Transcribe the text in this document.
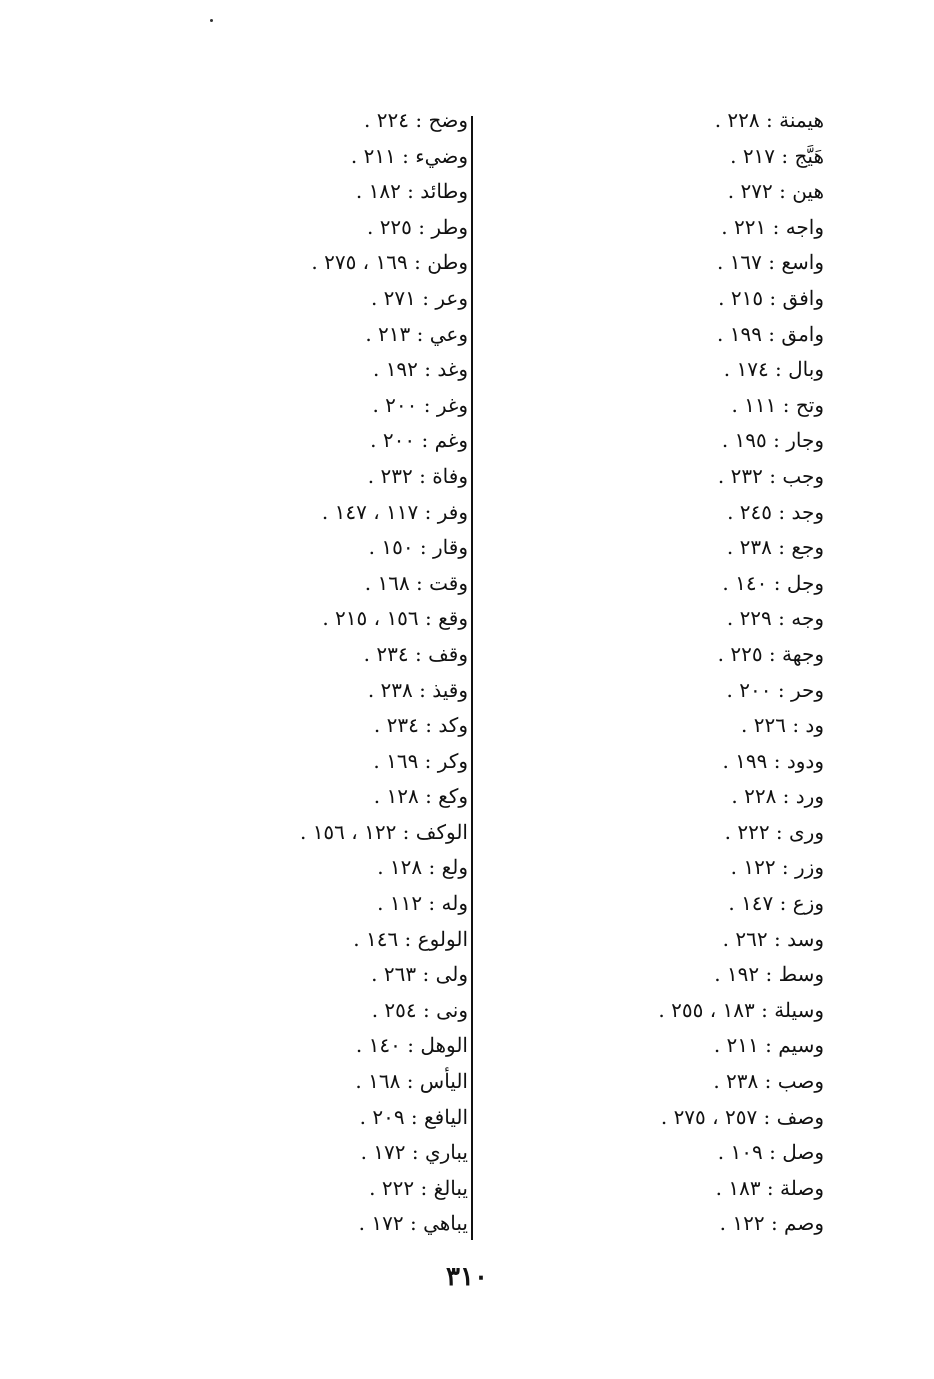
هيمنة : ٢٢٨ .
هَيَّج : ٢١٧ .
هين : ٢٧٢ .
واجه : ٢٢١ .
واسع : ١٦٧ .
وافق : ٢١٥ .
وامق : ١٩٩ .
وبال : ١٧٤ .
وتح : ١١١ .
وجار : ١٩٥ .
وجب : ٢٣٢ .
وجد : ٢٤٥ .
وجع : ٢٣٨ .
وجل : ١٤٠ .
وجه : ٢٢٩ .
وجهة : ٢٢٥ .
وحر : ٢٠٠ .
ود : ٢٢٦ .
ودود : ١٩٩ .
ورد : ٢٢٨ .
ورى : ٢٢٢ .
وزر : ١٢٢ .
وزع : ١٤٧ .
وسد : ٢٦٢ .
وسط : ١٩٢ .
وسيلة : ١٨٣ ، ٢٥٥ .
وسيم : ٢١١ .
وصب : ٢٣٨ .
وصف : ٢٥٧ ، ٢٧٥ .
وصل : ١٠٩ .
وصلة : ١٨٣ .
وصم : ١٢٢ .
وضح : ٢٢٤ .
وضيء : ٢١١ .
وطائد : ١٨٢ .
وطر : ٢٢٥ .
وطن : ١٦٩ ، ٢٧٥ .
وعر : ٢٧١ .
وعي : ٢١٣ .
وغد : ١٩٢ .
وغر : ٢٠٠ .
وغم : ٢٠٠ .
وفاة : ٢٣٢ .
وفر : ١١٧ ، ١٤٧ .
وقار : ١٥٠ .
وقت : ١٦٨ .
وقع : ١٥٦ ، ٢١٥ .
وقف : ٢٣٤ .
وقيذ : ٢٣٨ .
وكد : ٢٣٤ .
وكر : ١٦٩ .
وكع : ١٢٨ .
الوكف : ١٢٢ ، ١٥٦ .
ولع : ١٢٨ .
وله : ١١٢ .
الولوع : ١٤٦ .
ولى : ٢٦٣ .
ونى : ٢٥٤ .
الوهل : ١٤٠ .
اليأس : ١٦٨ .
اليافع : ٢٠٩ .
يباري : ١٧٢ .
يبالغ : ٢٢٢ .
يباهي : ١٧٢ .
٣١٠
